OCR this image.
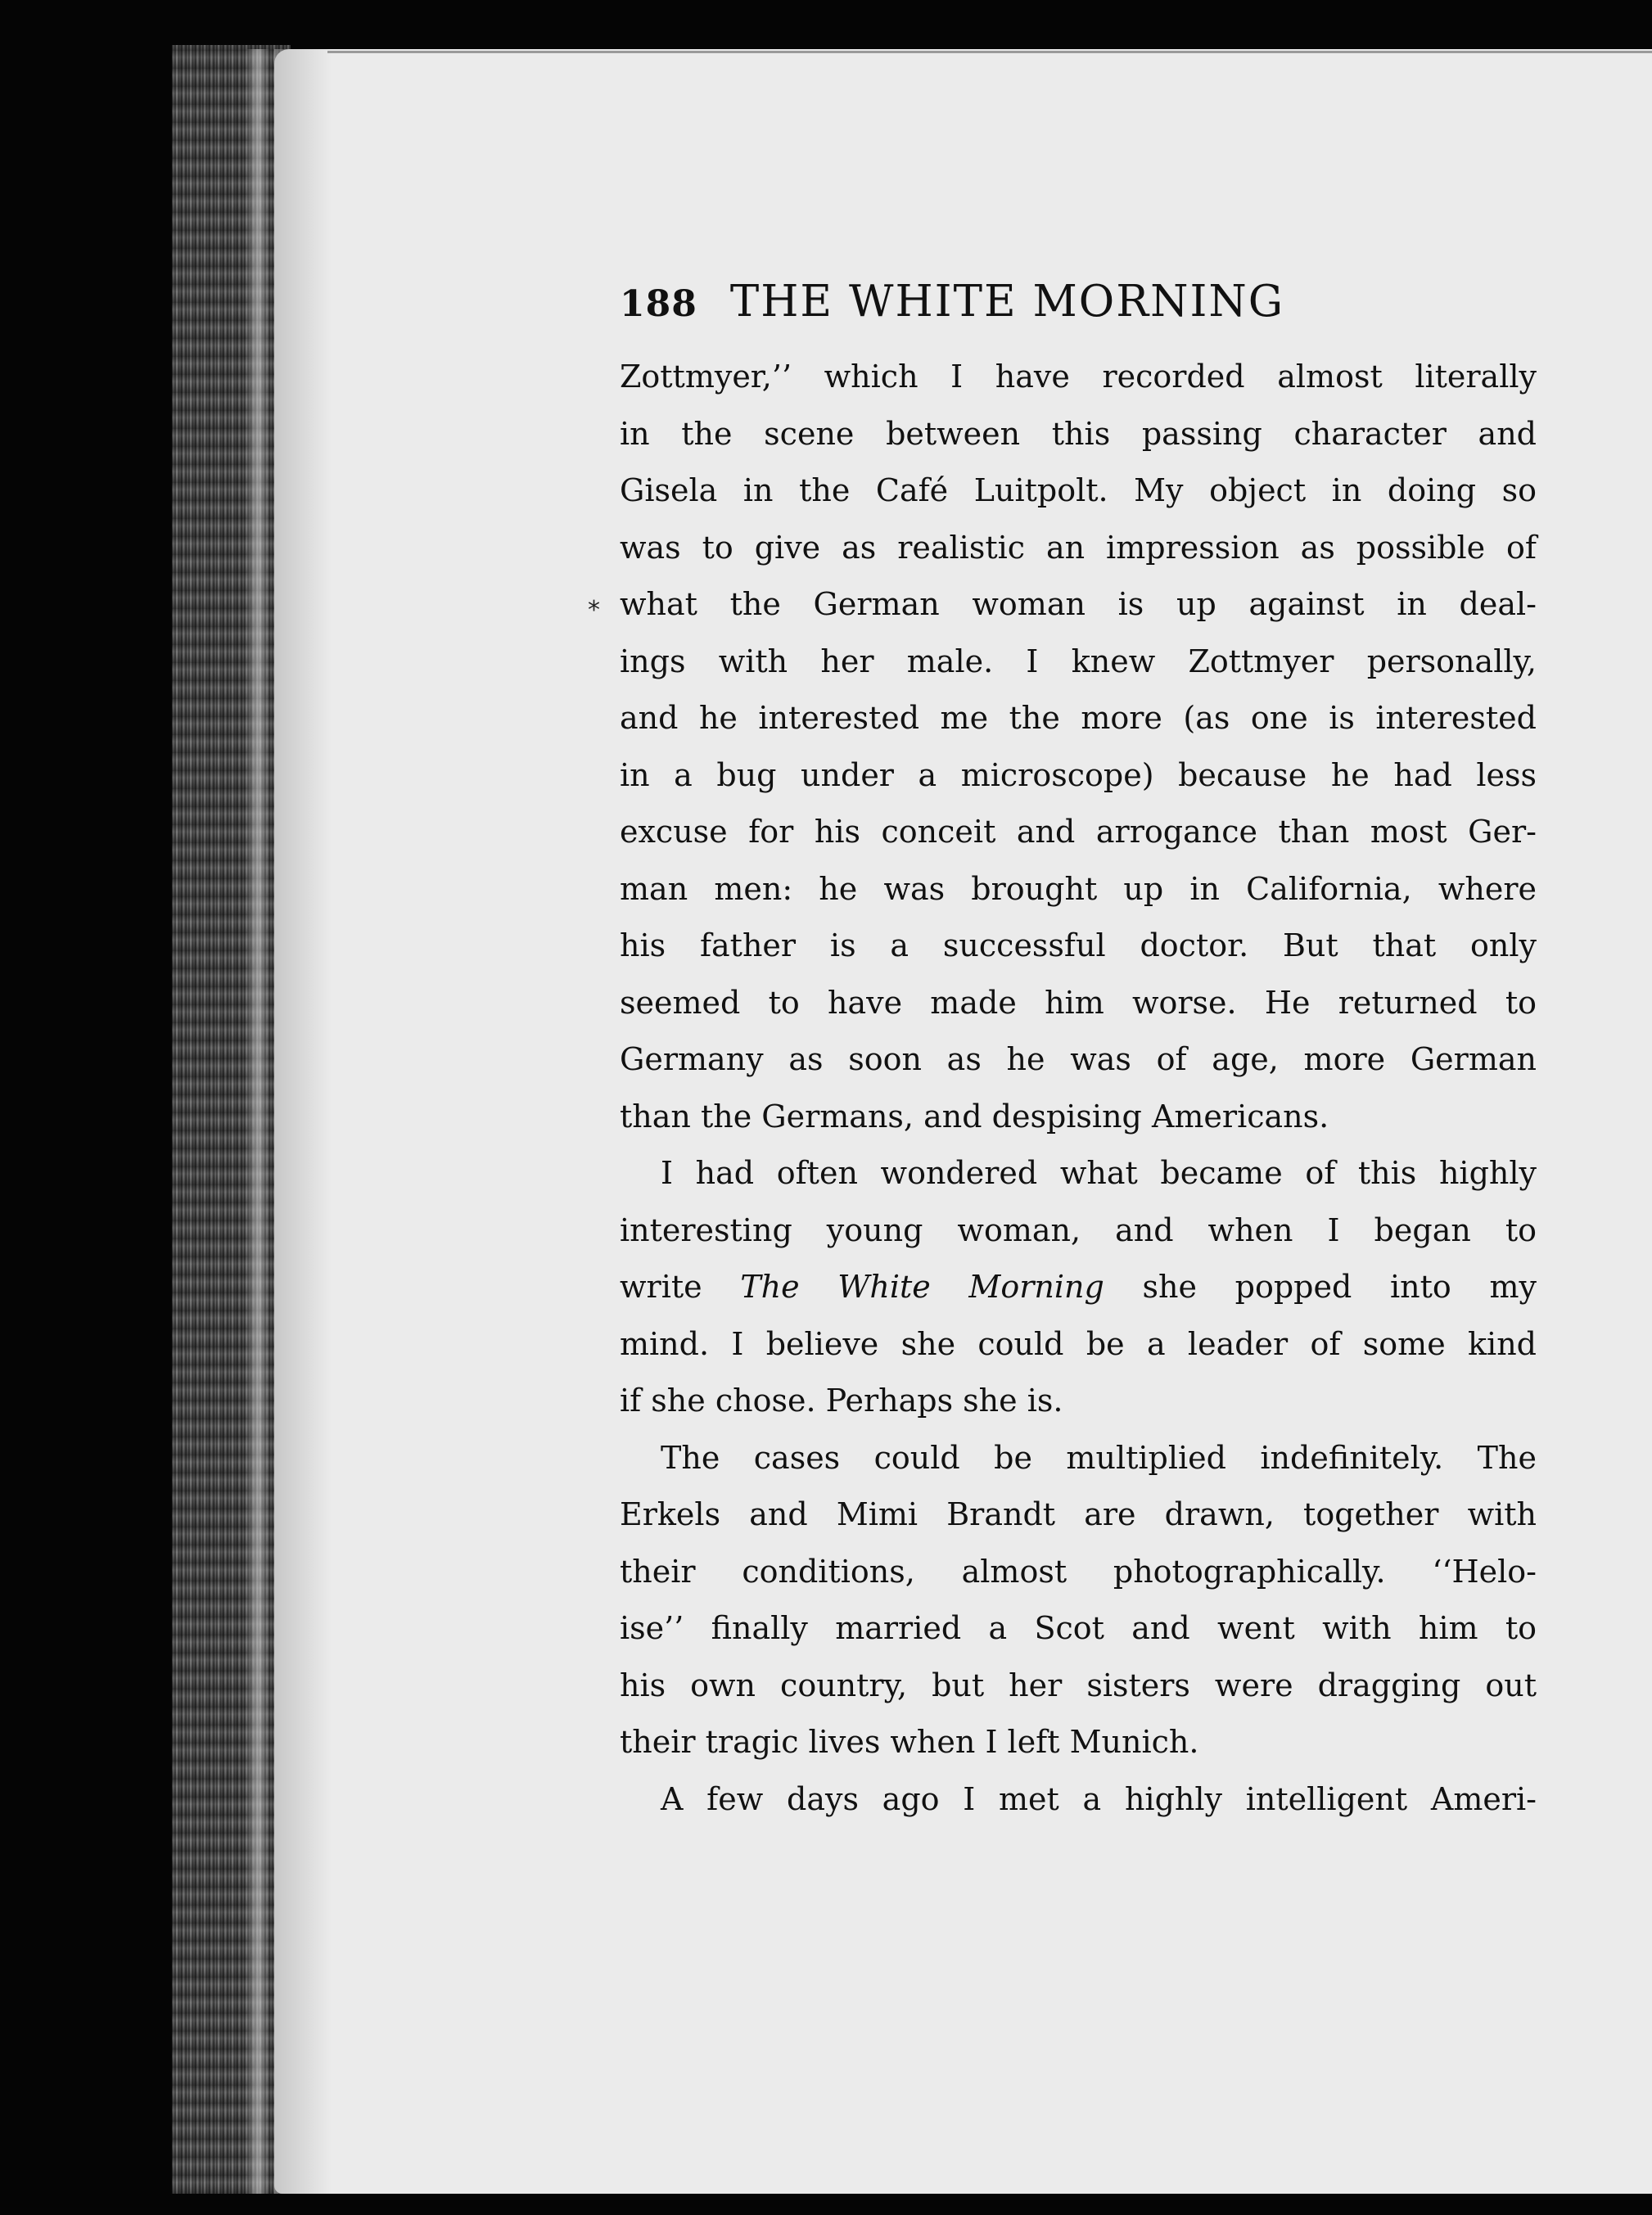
*
188 THE WHITE MORNING
Zottmyer,’’ which I have recorded almost literally
in the scene between this passing character and
Gisela in the Café Luitpolt. My object in doing so
was to give as realistic an impression as possible of
what the German woman is up against in deal-
ings with her male. I knew Zottmyer personally,
and he interested me the more (as one is interested
in a bug under a microscope) because he had less
excuse for his conceit and arrogance than most Ger-
man men: he was brought up in California, where
his father is a successful doctor. But that only
seemed to have made him worse. He returned to
Germany as soon as he was of age, more German
than the Germans, and despising Americans.
I had often wondered what became of this highly
interesting young woman, and when I began to
write The White Morning she popped into my
mind. I believe she could be a leader of some kind
if she chose. Perhaps she is.
The cases could be multiplied indefinitely. The
Erkels and Mimi Brandt are drawn, together with
their conditions, almost photographically. ‘‘Helo-
ise’’ finally married a Scot and went with him to
his own country, but her sisters were dragging out
their tragic lives when I left Munich.
A few days ago I met a highly intelligent Ameri-
